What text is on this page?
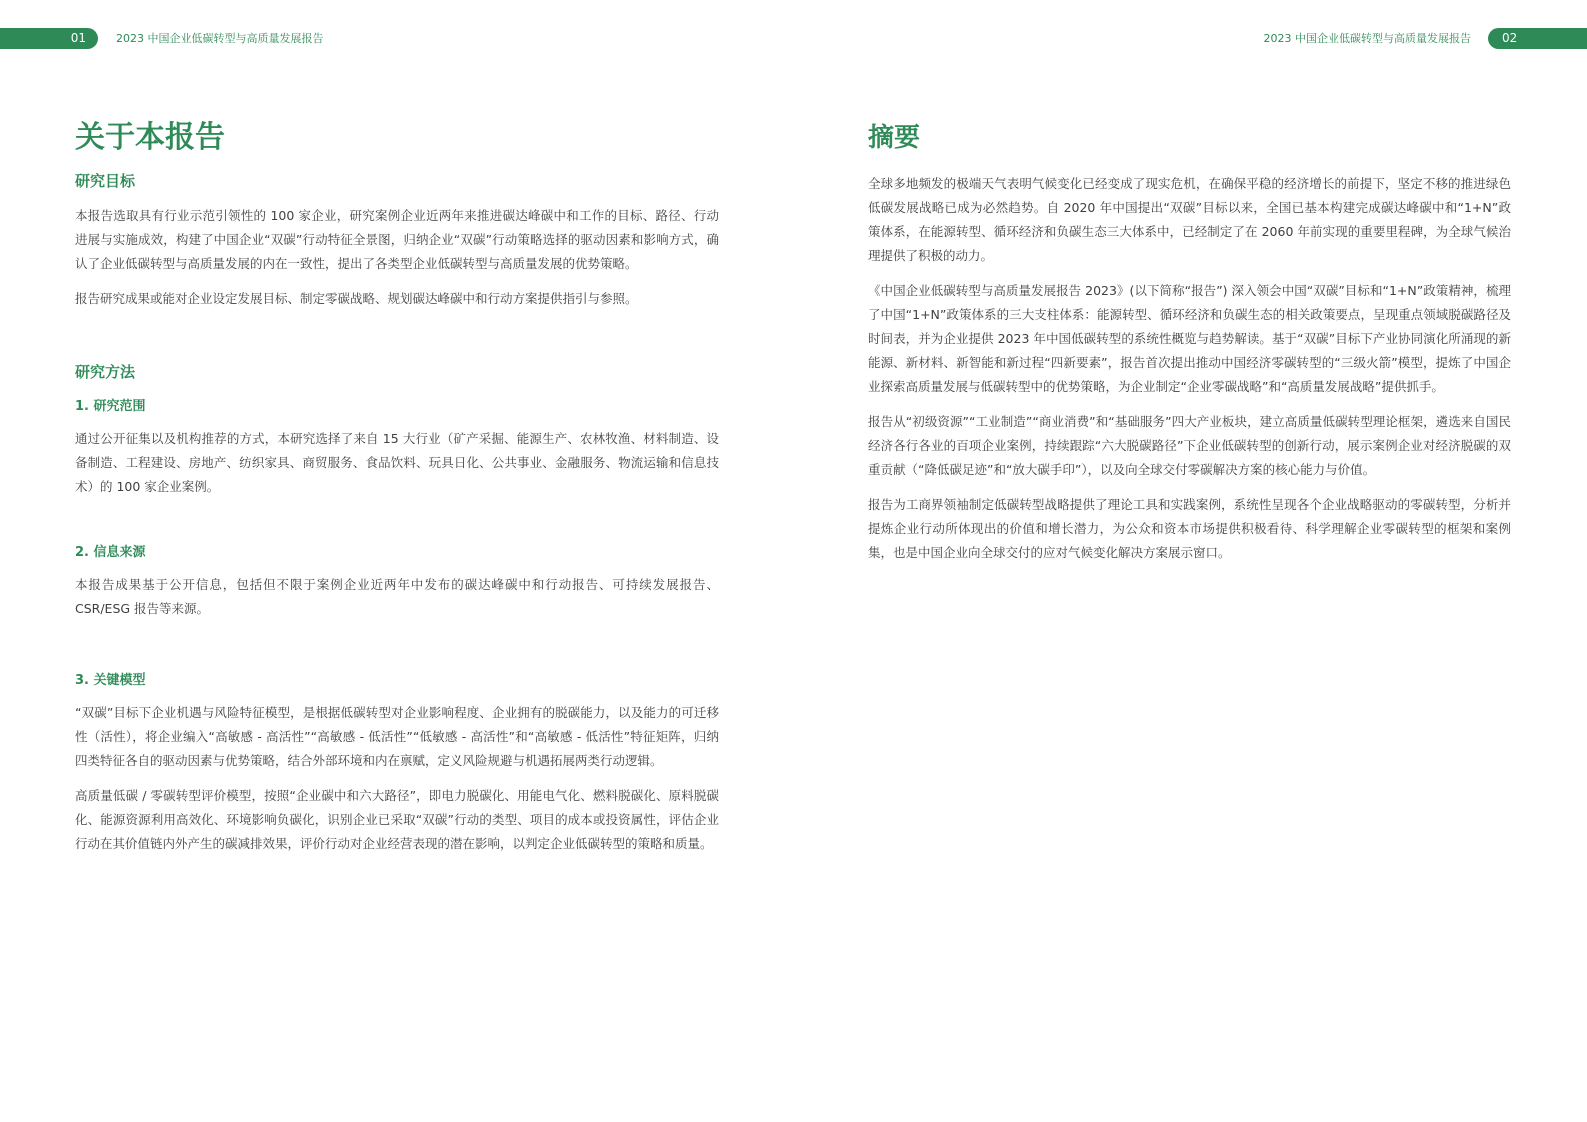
01	2023 中国企业低碳转型与高质量发展报告	2023 中国企业低碳转型与高质量发展报告	02
关于本报告
研究目标

本报告选取具有行业示范引领性的 100 家企业，研究案例企业近两年来推进碳达峰碳中和工作的目标、路径、行动进展与实施成效，构建了中国企业“双碳”行动特征全景图，归纳企业“双碳”行动策略选择的驱动因素和影响方式，确认了企业低碳转型与高质量发展的内在一致性，提出了各类型企业低碳转型与高质量发展的优势策略。

报告研究成果或能对企业设定发展目标、制定零碳战略、规划碳达峰碳中和行动方案提供指引与参照。

研究方法
1. 研究范围

通过公开征集以及机构推荐的方式，本研究选择了来自 15 大行业（矿产采掘、能源生产、农林牧渔、材料制造、设备制造、工程建设、房地产、纺织家具、商贸服务、食品饮料、玩具日化、公共事业、金融服务、物流运输和信息技术）的 100 家企业案例。

2. 信息来源

本报告成果基于公开信息，包括但不限于案例企业近两年中发布的碳达峰碳中和行动报告、可持续发展报告、CSR/ESG 报告等来源。

3. 关键模型

“双碳”目标下企业机遇与风险特征模型，是根据低碳转型对企业影响程度、企业拥有的脱碳能力，以及能力的可迁移性（活性），将企业编入“高敏感 - 高活性”“高敏感 - 低活性”“低敏感 - 高活性”和“高敏感 - 低活性”特征矩阵，归纳四类特征各自的驱动因素与优势策略，结合外部环境和内在禀赋，定义风险规避与机遇拓展两类行动逻辑。

高质量低碳 / 零碳转型评价模型，按照“企业碳中和六大路径”，即电力脱碳化、用能电气化、燃料脱碳化、原料脱碳化、能源资源利用高效化、环境影响负碳化，识别企业已采取“双碳”行动的类型、项目的成本或投资属性，评估企业行动在其价值链内外产生的碳减排效果，评价行动对企业经营表现的潜在影响，以判定企业低碳转型的策略和质量。

摘要

全球多地频发的极端天气表明气候变化已经变成了现实危机，在确保平稳的经济增长的前提下，坚定不移的推进绿色低碳发展战略已成为必然趋势。自 2020 年中国提出“双碳”目标以来，全国已基本构建完成碳达峰碳中和“1+N”政策体系，在能源转型、循环经济和负碳生态三大体系中，已经制定了在 2060 年前实现的重要里程碑，为全球气候治理提供了积极的动力。

《中国企业低碳转型与高质量发展报告 2023》(以下简称“报告”) 深入领会中国“双碳”目标和“1+N”政策精神，梳理了中国“1+N”政策体系的三大支柱体系：能源转型、循环经济和负碳生态的相关政策要点，呈现重点领域脱碳路径及时间表，并为企业提供 2023 年中国低碳转型的系统性概览与趋势解读。基于“双碳”目标下产业协同演化所涌现的新能源、新材料、新智能和新过程“四新要素”，报告首次提出推动中国经济零碳转型的“三级火箭”模型，提炼了中国企业探索高质量发展与低碳转型中的优势策略，为企业制定“企业零碳战略”和“高质量发展战略”提供抓手。

报告从“初级资源”“工业制造”“商业消费”和“基础服务”四大产业板块，建立高质量低碳转型理论框架，遴选来自国民经济各行各业的百项企业案例，持续跟踪“六大脱碳路径”下企业低碳转型的创新行动，展示案例企业对经济脱碳的双重贡献（“降低碳足迹”和“放大碳手印”），以及向全球交付零碳解决方案的核心能力与价值。

报告为工商界领袖制定低碳转型战略提供了理论工具和实践案例，系统性呈现各个企业战略驱动的零碳转型，分析并提炼企业行动所体现出的价值和增长潜力，为公众和资本市场提供积极看待、科学理解企业零碳转型的框架和案例集，也是中国企业向全球交付的应对气候变化解决方案展示窗口。
